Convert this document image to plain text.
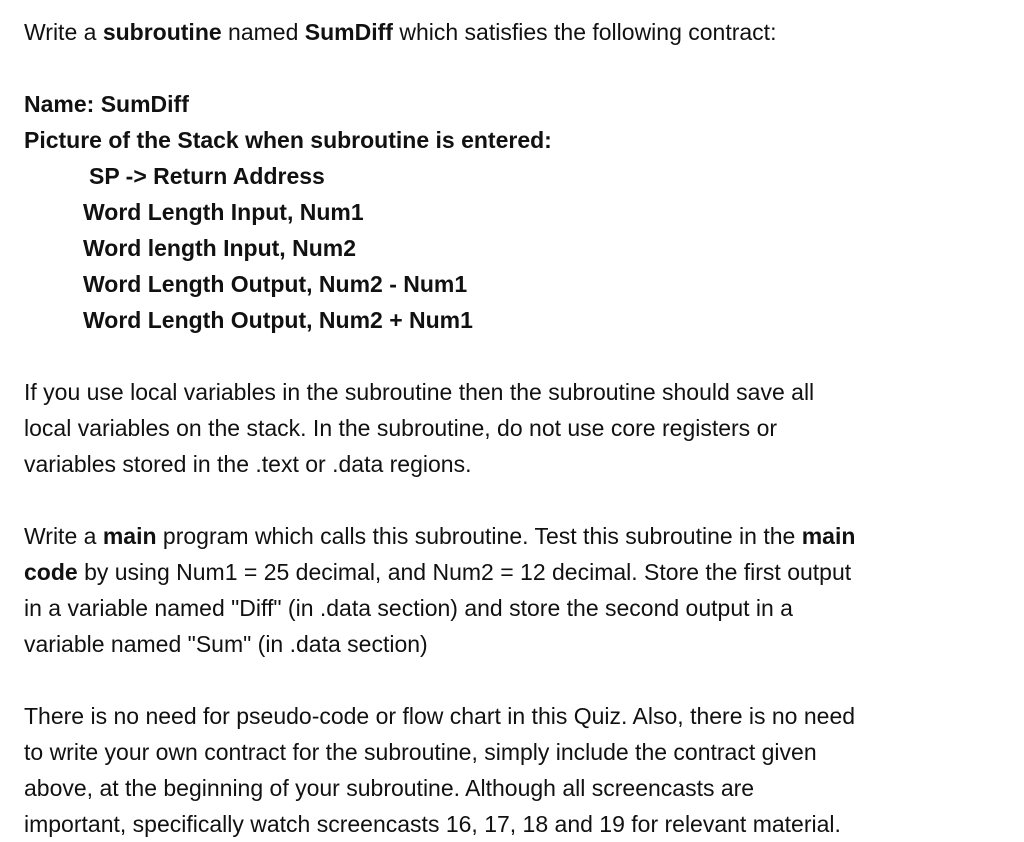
Write a subroutine named SumDiff which satisfies the following contract:
Name: SumDiff
Picture of the Stack when subroutine is entered:
SP -> Return Address
Word Length Input, Num1
Word length Input, Num2
Word Length Output, Num2 - Num1
Word Length Output, Num2 + Num1
If you use local variables in the subroutine then the subroutine should save all
local variables on the stack. In the subroutine, do not use core registers or
variables stored in the .text or .data regions.
Write a main program which calls this subroutine. Test this subroutine in the main
code by using Num1 = 25 decimal, and Num2 = 12 decimal. Store the first output
in a variable named "Diff" (in .data section) and store the second output in a
variable named "Sum" (in .data section)
There is no need for pseudo-code or flow chart in this Quiz. Also, there is no need
to write your own contract for the subroutine, simply include the contract given
above, at the beginning of your subroutine. Although all screencasts are
important, specifically watch screencasts 16, 17, 18 and 19 for relevant material.
